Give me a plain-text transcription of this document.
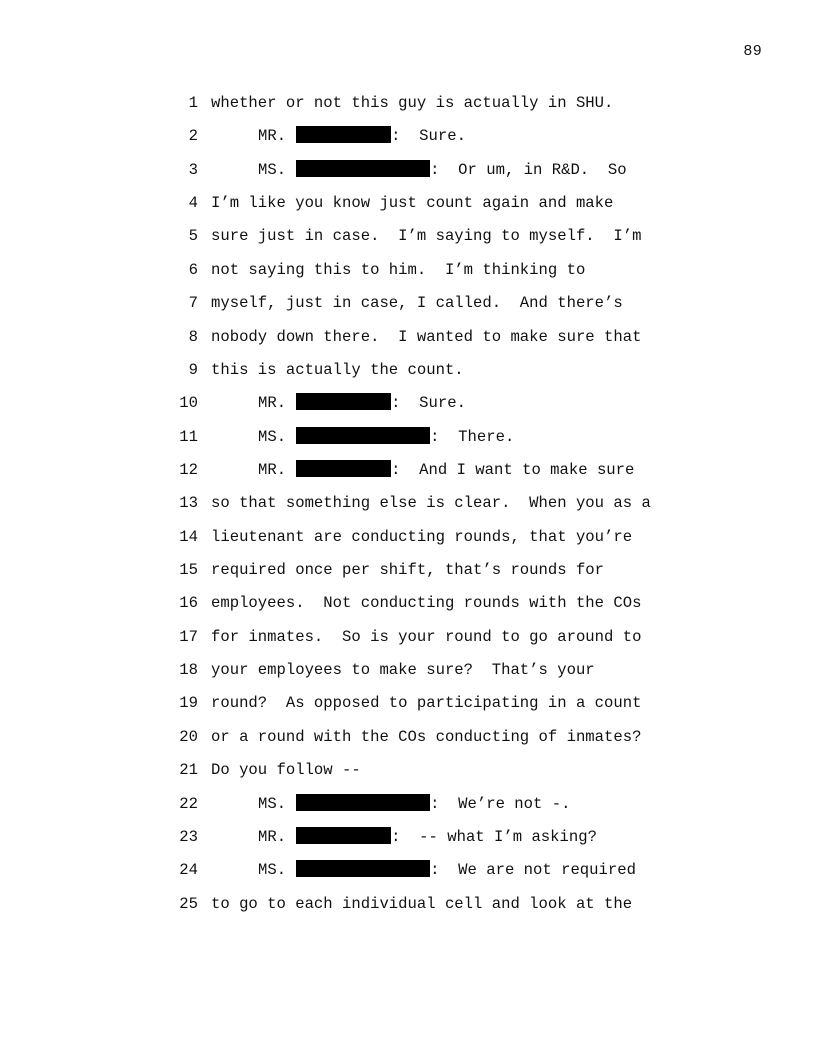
89
1 whether or not this guy is actually in SHU.
2	MR.	:  Sure.
3	MS.	:  Or um, in R&D.  So
4 I’m like you know just count again and make
5 sure just in case.  I’m saying to myself.  I’m
6 not saying this to him.  I’m thinking to
7 myself, just in case, I called.  And there’s
8 nobody down there.  I wanted to make sure that
9 this is actually the count.
10	MR.	:  Sure.
11	MS.	:  There.
12	MR.	:  And I want to make sure
13 so that something else is clear.  When you as a
14 lieutenant are conducting rounds, that you’re
15 required once per shift, that’s rounds for
16 employees.  Not conducting rounds with the COs
17 for inmates.  So is your round to go around to
18 your employees to make sure?  That’s your
19 round?  As opposed to participating in a count
20 or a round with the COs conducting of inmates?
21 Do you follow --
22	MS.	:  We’re not -.
23	MR.	:  -- what I’m asking?
24	MS.	:  We are not required
25 to go to each individual cell and look at the
